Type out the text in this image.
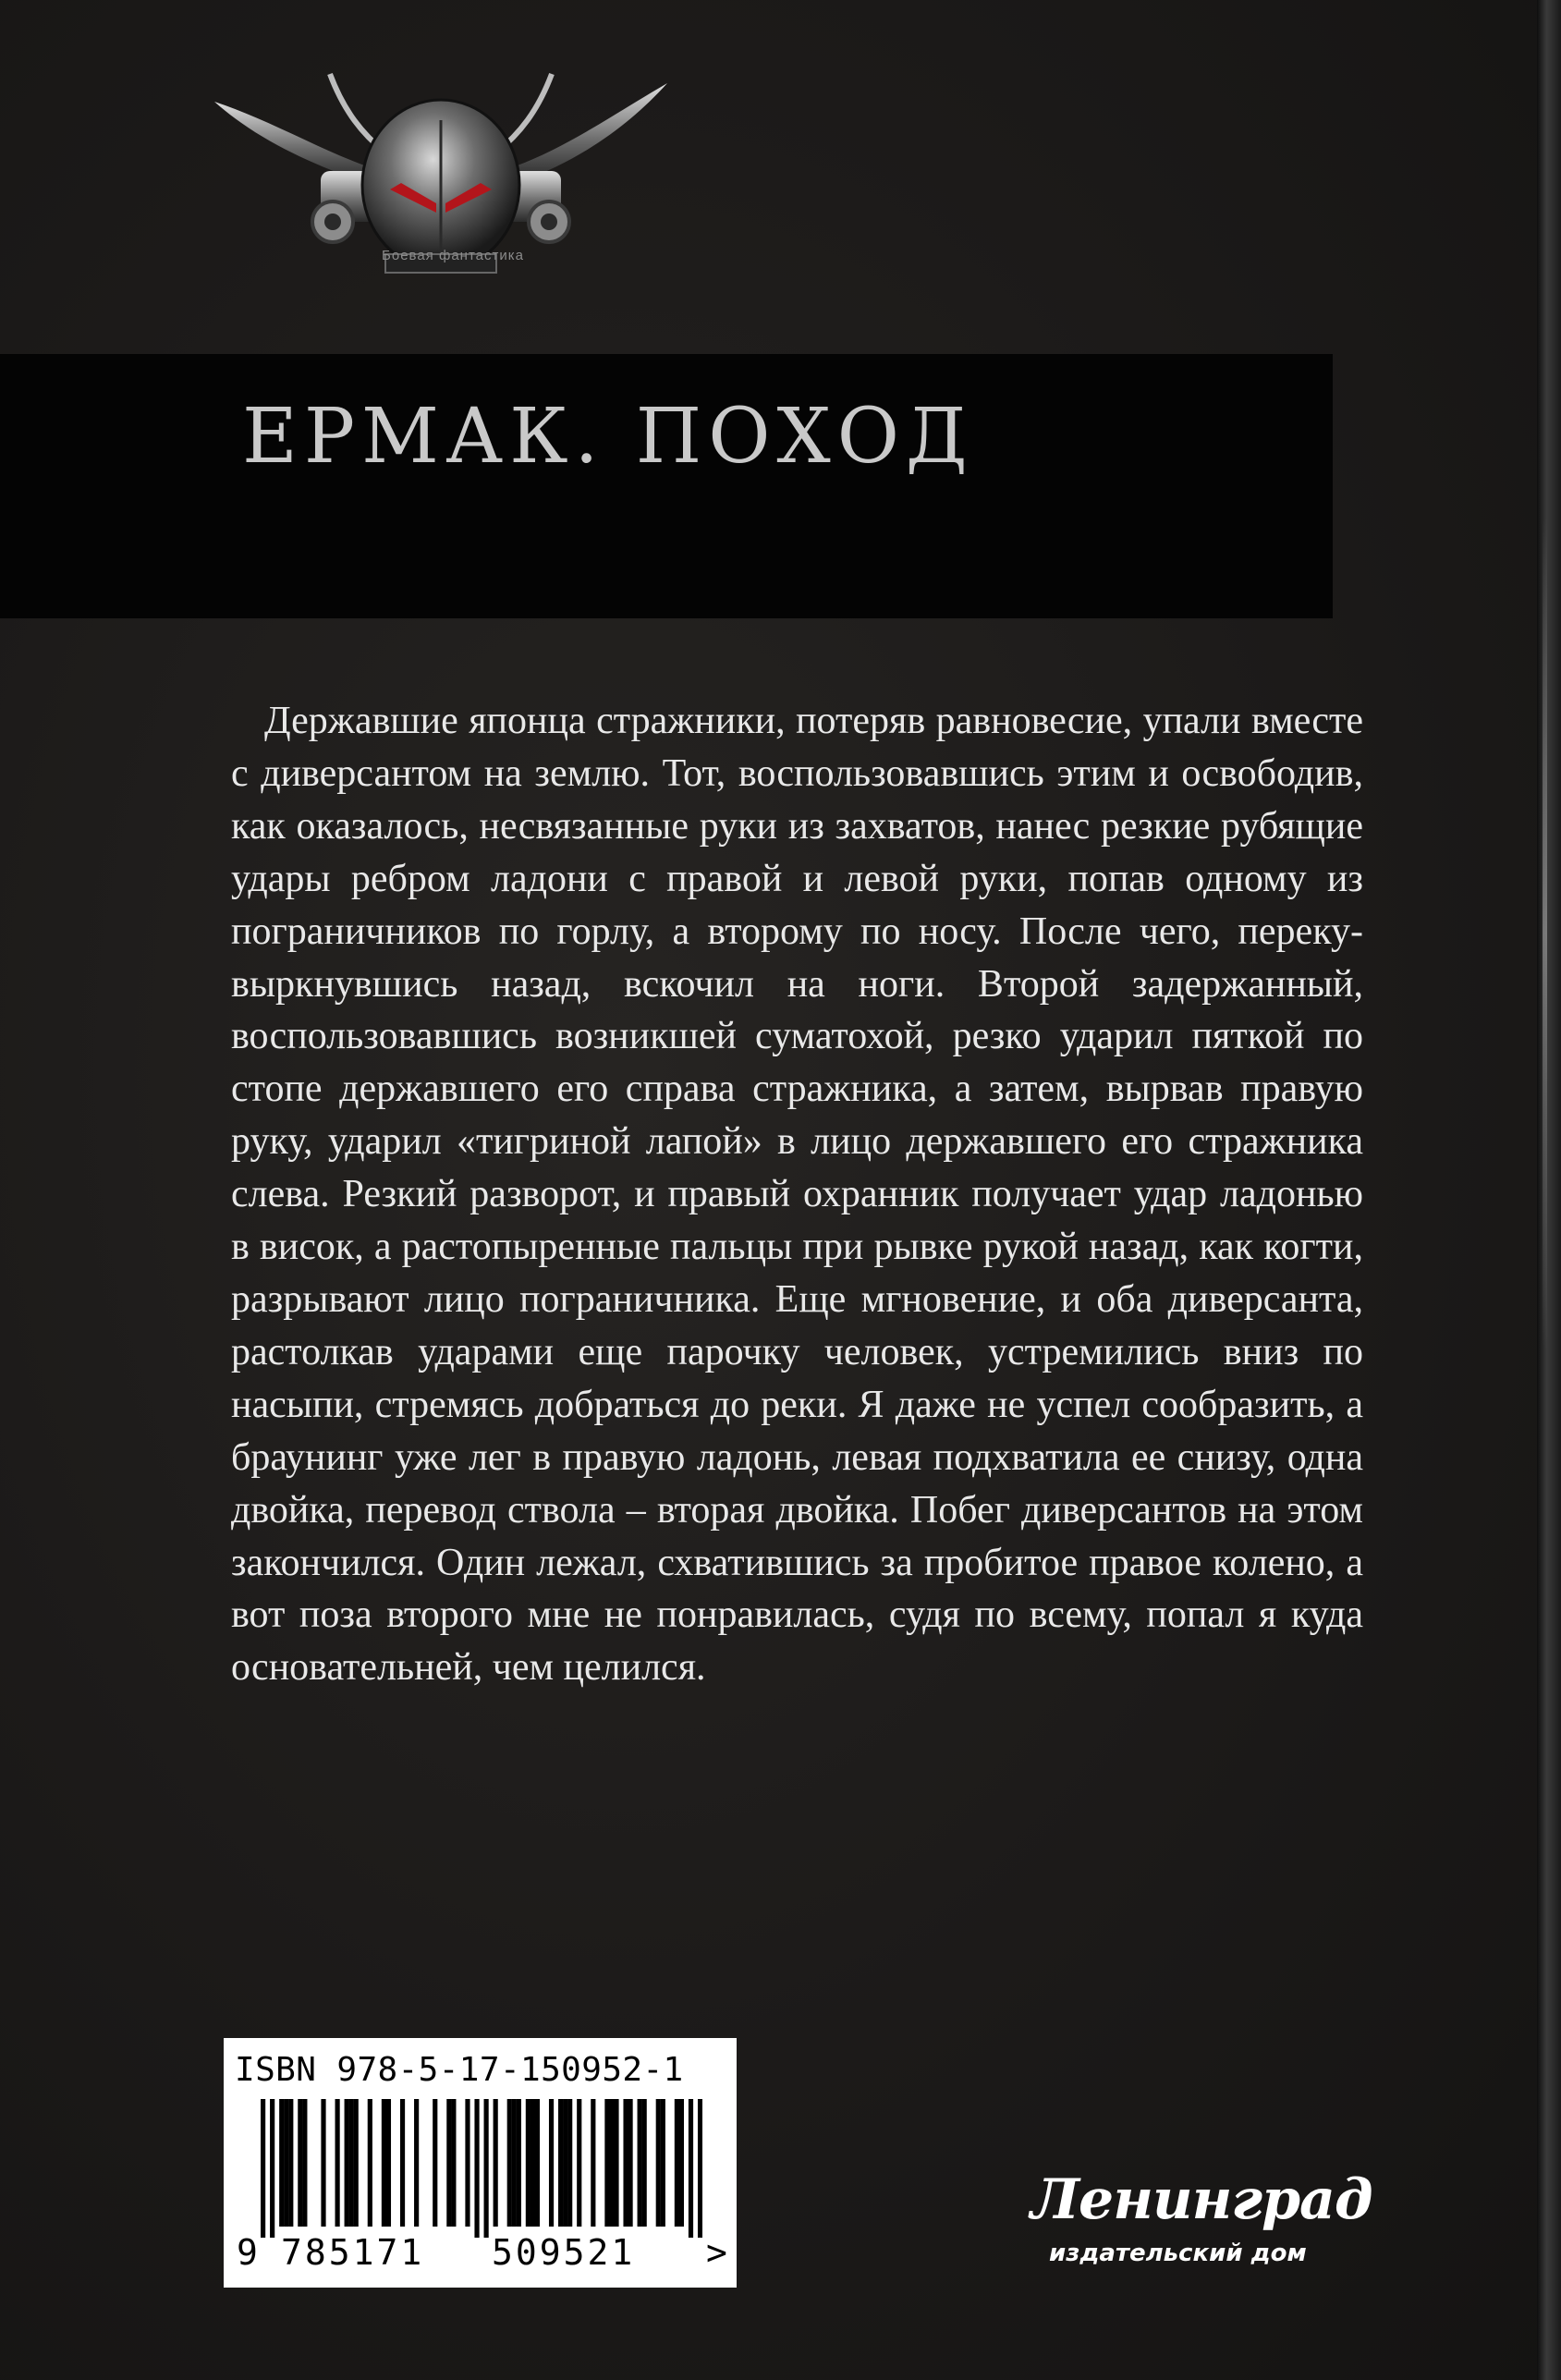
Боевая фантастика
ЕРМАК. ПОХОД

Державшие японца стражники, потеряв равновесие, упали вместе с диверсантом на землю. Тот, воспользовавшись этим и освободив, как оказалось, несвязанные руки из захватов, нанес резкие рубящие удары ребром ладони с правой и левой руки, попав одному из пограничников по горлу, а второму по носу. После чего, перекувыркнувшись назад, вскочил на ноги. Второй задержанный, воспользовавшись возникшей суматохой, резко ударил пяткой по стопе державшего его справа стражника, а затем, вырвав правую руку, ударил «тигриной лапой» в лицо державшего его стражника слева. Резкий разворот, и правый охранник получает удар ладонью в висок, а растопыренные пальцы при рывке рукой назад, как когти, разрывают лицо пограничника. Еще мгновение, и оба диверсанта, растолкав ударами еще парочку человек, устремились вниз по насыпи, стремясь добраться до реки. Я даже не успел сообразить, а браунинг уже лег в правую ладонь, левая подхватила ее снизу, одна двойка, перевод ствола – вторая двойка. Побег диверсантов на этом закончился. Один лежал, схватившись за пробитое правое колено, а вот поза второго мне не понравилась, судя по всему, попал я куда основательней, чем целился.

ISBN 978-5-17-150952-1

9 785171 509521 >

Ленинград

издательский дом
